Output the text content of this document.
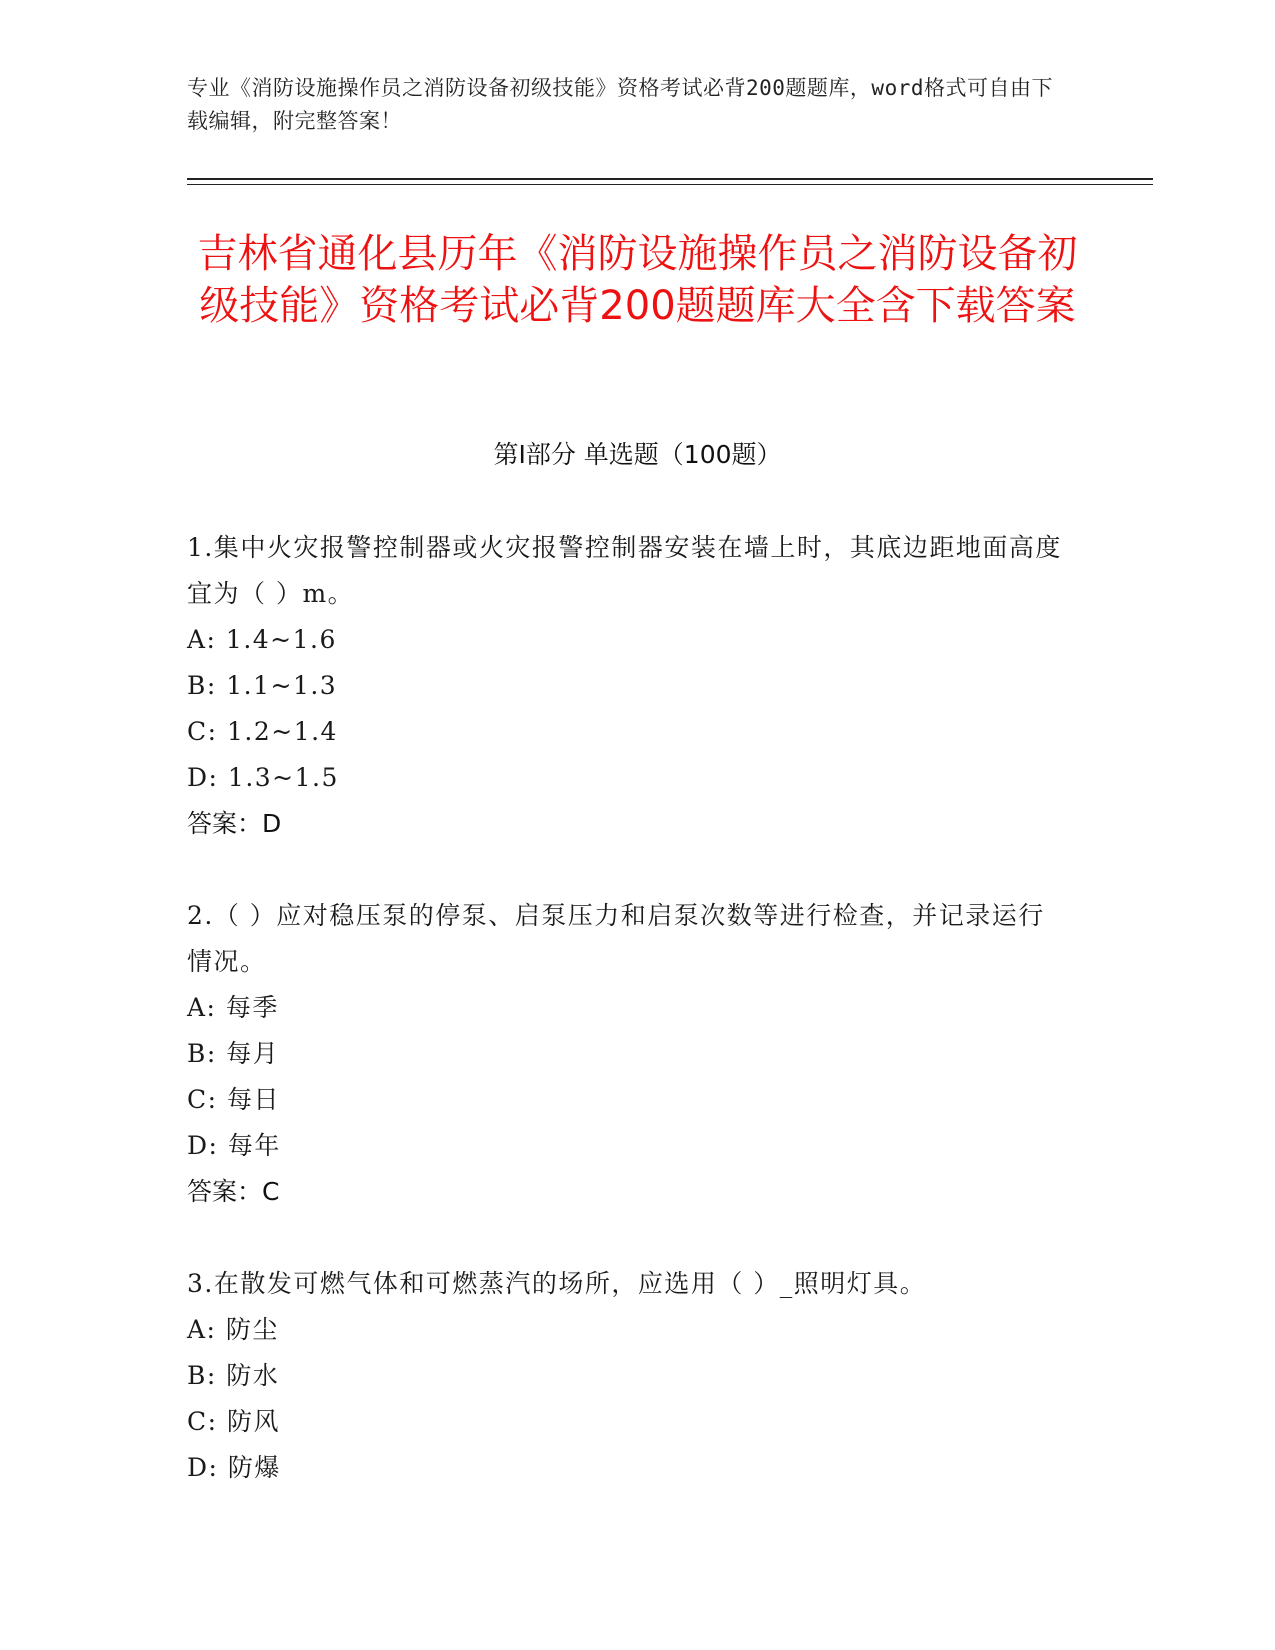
专业《消防设施操作员之消防设备初级技能》资格考试必背200题题库，word格式可自由下载编辑，附完整答案！
吉林省通化县历年《消防设施操作员之消防设备初级技能》资格考试必背200题题库大全含下载答案
第I部分 单选题（100题）
1.集中火灾报警控制器或火灾报警控制器安装在墙上时，其底边距地面高度宜为（ ）m。
A: 1.4~1.6
B: 1.1~1.3
C: 1.2~1.4
D: 1.3~1.5
答案：D
2.（ ）应对稳压泵的停泵、启泵压力和启泵次数等进行检查，并记录运行情况。
A: 每季
B: 每月
C: 每日
D: 每年
答案：C
3.在散发可燃气体和可燃蒸汽的场所，应选用（ ）_照明灯具。
A: 防尘
B: 防水
C: 防风
D: 防爆
